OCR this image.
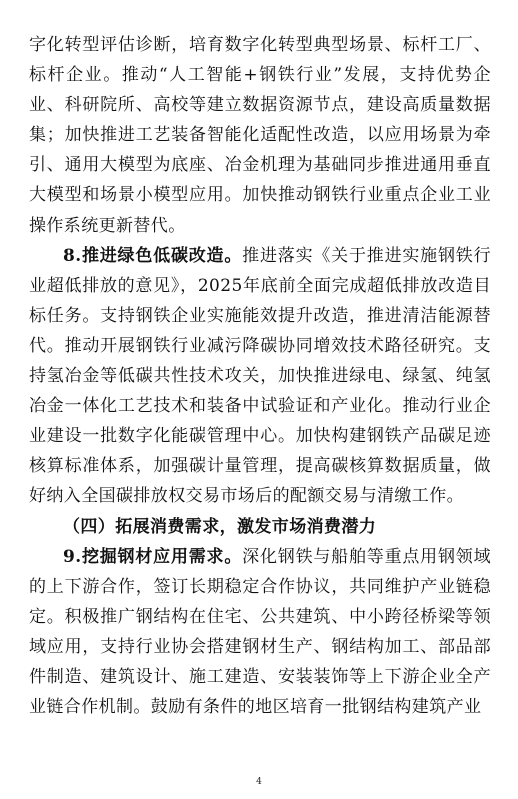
字化转型评估诊断，培育数字化转型典型场景、标杆工厂、标杆企业。推动“人工智能+钢铁行业”发展，支持优势企业、科研院所、高校等建立数据资源节点，建设高质量数据集；加快推进工艺装备智能化适配性改造，以应用场景为牵引、通用大模型为底座、冶金机理为基础同步推进通用垂直大模型和场景小模型应用。加快推动钢铁行业重点企业工业操作系统更新替代。

8.推进绿色低碳改造。推进落实《关于推进实施钢铁行业超低排放的意见》，2025年底前全面完成超低排放改造目标任务。支持钢铁企业实施能效提升改造，推进清洁能源替代。推动开展钢铁行业减污降碳协同增效技术路径研究。支持氢冶金等低碳共性技术攻关，加快推进绿电、绿氢、纯氢冶金一体化工艺技术和装备中试验证和产业化。推动行业企业建设一批数字化能碳管理中心。加快构建钢铁产品碳足迹核算标准体系，加强碳计量管理，提高碳核算数据质量，做好纳入全国碳排放权交易市场后的配额交易与清缴工作。

（四）拓展消费需求，激发市场消费潜力

9.挖掘钢材应用需求。深化钢铁与船舶等重点用钢领域的上下游合作，签订长期稳定合作协议，共同维护产业链稳定。积极推广钢结构在住宅、公共建筑、中小跨径桥梁等领域应用，支持行业协会搭建钢材生产、钢结构加工、部品部件制造、建筑设计、施工建造、安装装饰等上下游企业全产业链合作机制。鼓励有条件的地区培育一批钢结构建筑产业

4
